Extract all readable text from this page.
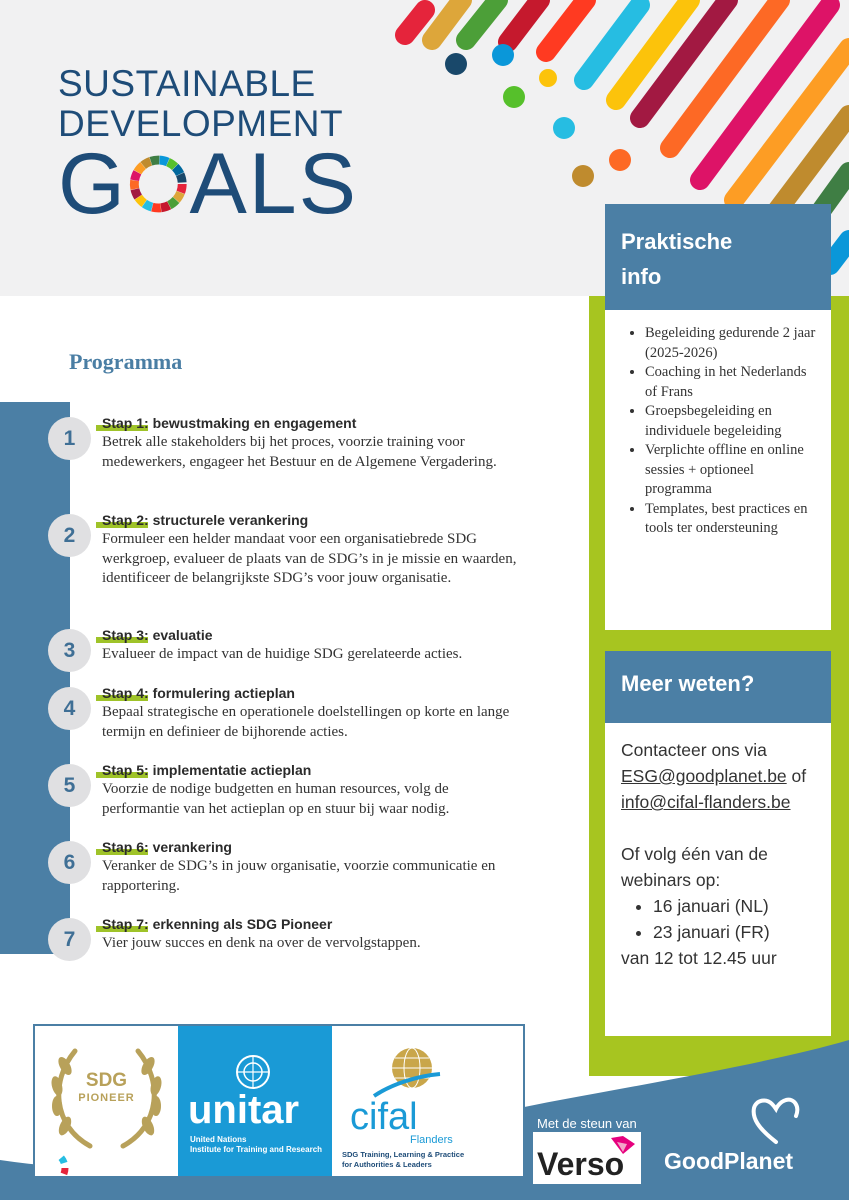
SUSTAINABLE
DEVELOPMENT
G ALS
Praktische
info
• Begeleiding gedurende 2 jaar (2025-2026)
• Coaching in het Nederlands of Frans
• Groepsbegeleiding en individuele begeleiding
• Verplichte offline en online sessies + optioneel programma
• Templates, best practices en tools ter ondersteuning
Meer weten?
Contacteer ons via
ESG@goodplanet.be of
info@cifal-flanders.be
Of volg één van de webinars op:
• 16 januari (NL)
• 23 januari (FR)
van 12 tot 12.45 uur
Programma
1
Stap 1: bewustmaking en engagement
Betrek alle stakeholders bij het proces, voorzie training voor medewerkers, engageer het Bestuur en de Algemene Vergadering.
2
Stap 2: structurele verankering
Formuleer een helder mandaat voor een organisatiebrede SDG werkgroep, evalueer de plaats van de SDG’s in je missie en waarden, identificeer de belangrijkste SDG’s voor jouw organisatie.
3
Stap 3: evaluatie
Evalueer de impact van de huidige SDG gerelateerde acties.
4
Stap 4: formulering actieplan
Bepaal strategische en operationele doelstellingen op korte en lange termijn en definieer de bijhorende acties.
5
Stap 5: implementatie actieplan
Voorzie de nodige budgetten en human resources, volg de performantie van het actieplan op en stuur bij waar nodig.
6
Stap 6: verankering
Veranker de SDG’s in jouw organisatie, voorzie communicatie en rapportering.
7
Stap 7: erkenning als SDG Pioneer
Vier jouw succes en denk na over de vervolgstappen.
SDG
PIONEER	unitar
United Nations
Institute for Training and Research
cifal
Flanders
SDG Training, Learning & Practice
for Authorities & Leaders
Met de steun van
Verso GoodPlanet
